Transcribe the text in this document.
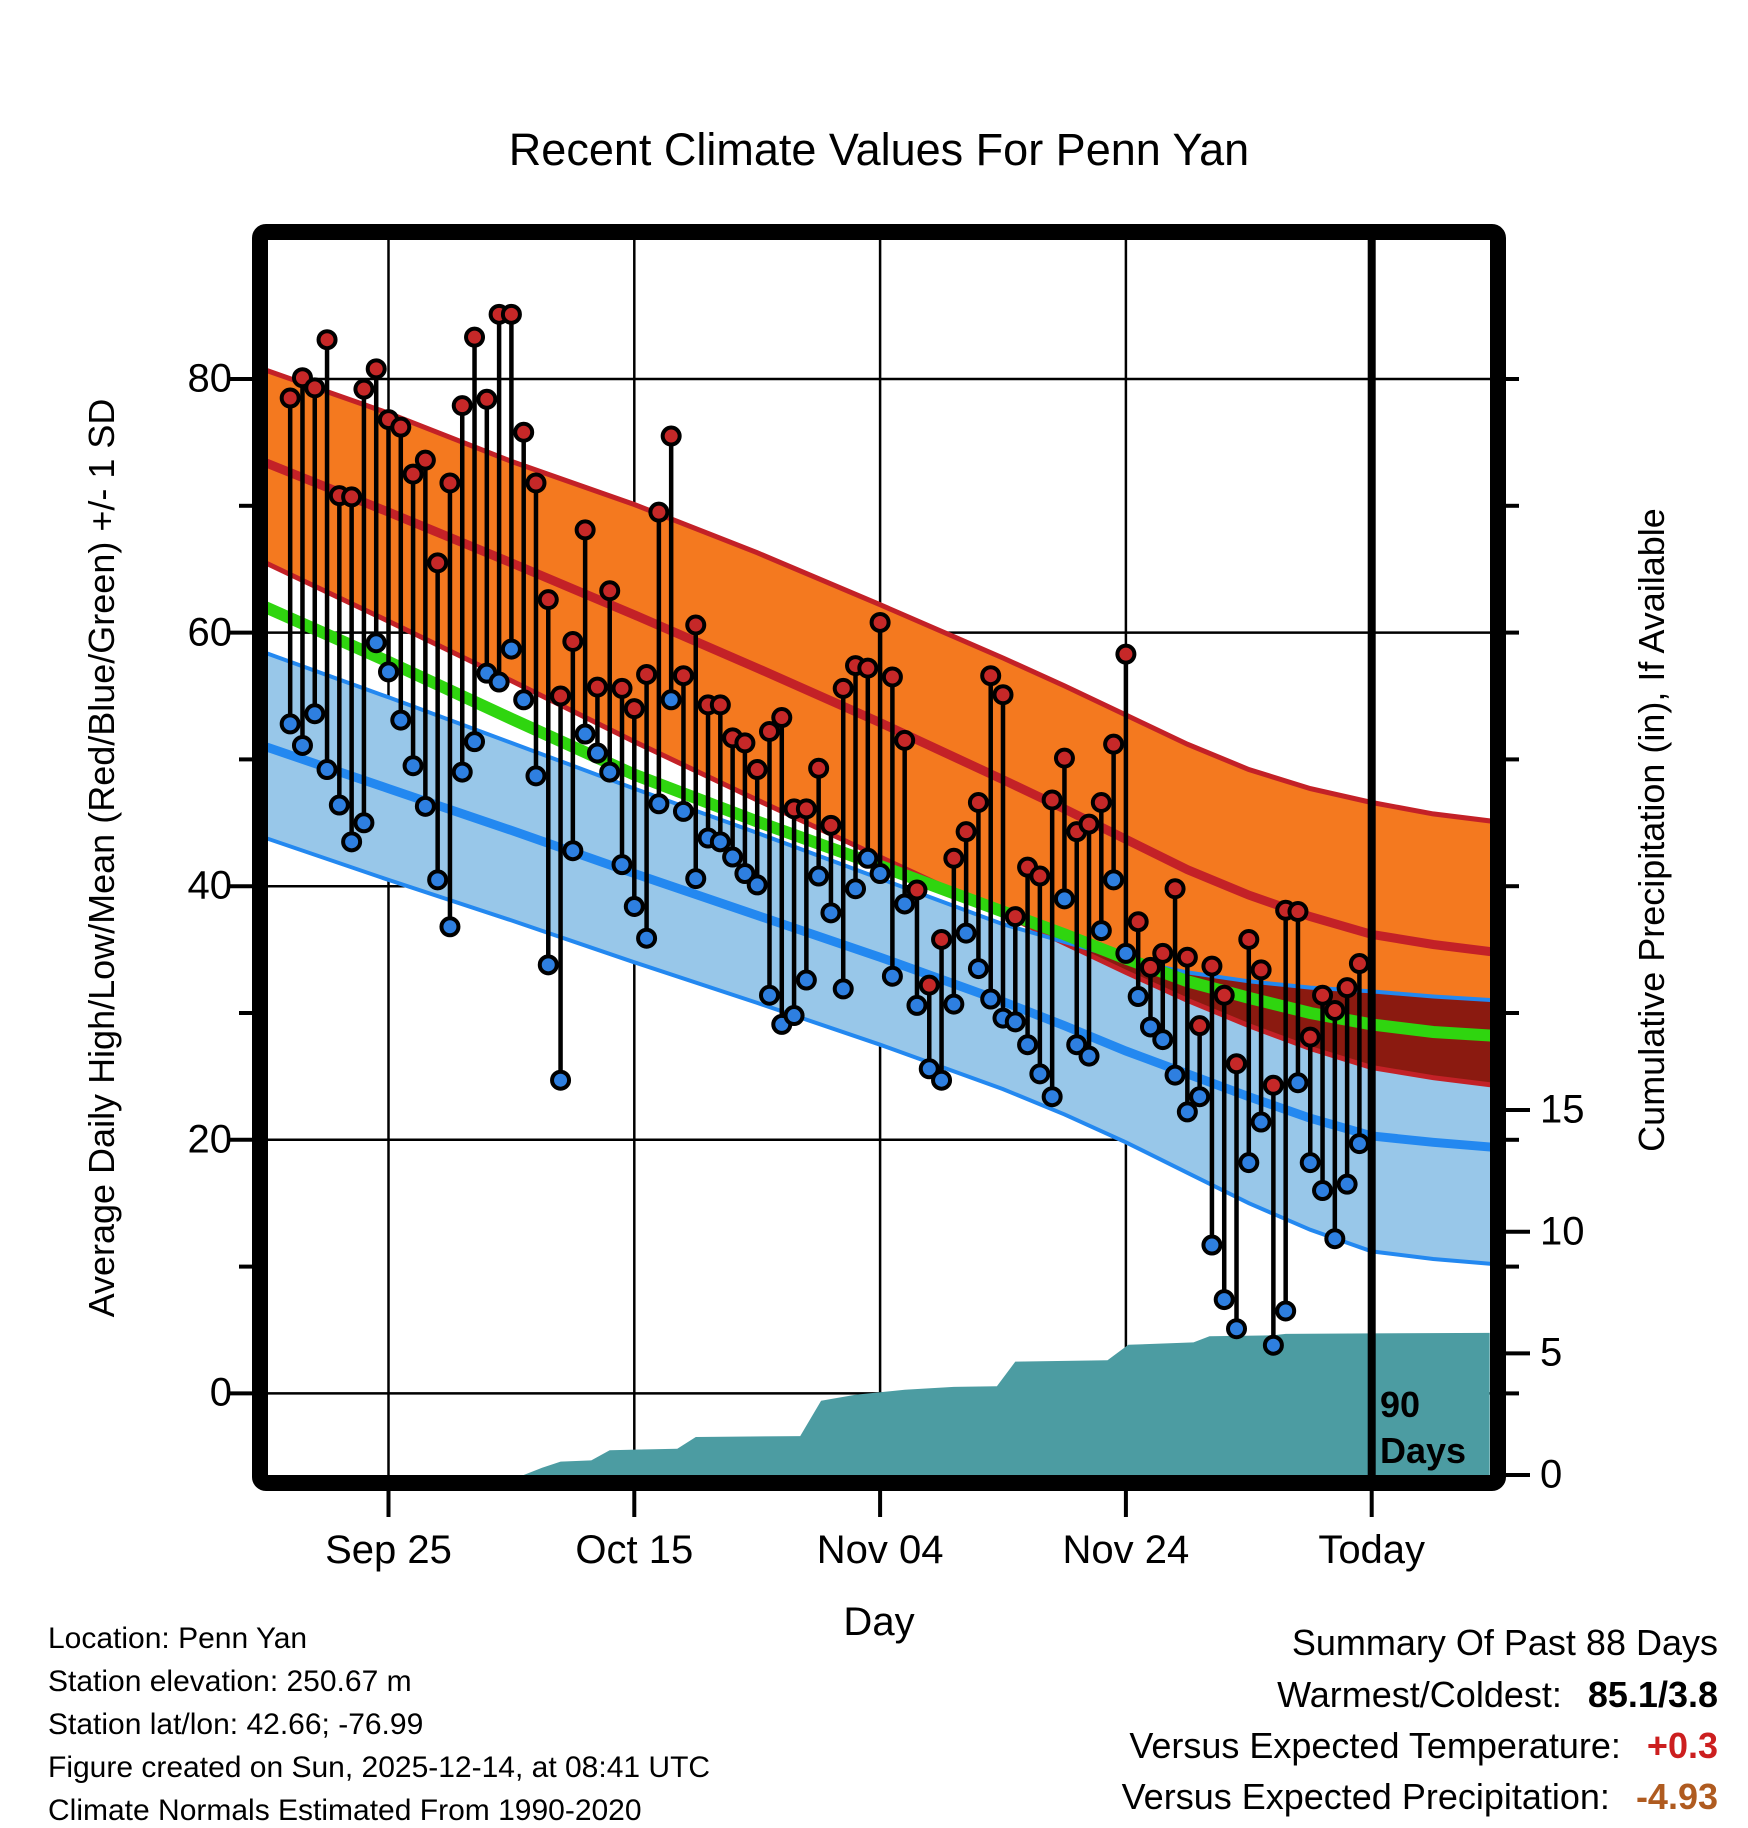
Recent Climate Values For Penn Yan
Average Daily High/Low/Mean (Red/Blue/Green) +/- 1 SD	Cumulative Precipitation (in), If Available
80
60
40
20
0
15
10
5
0
Sep 25	Oct 15	Nov 04	Nov 24	Today
Day
90
Days
Location: Penn Yan
Station elevation: 250.67 m
Station lat/lon: 42.66; -76.99
Figure created on Sun, 2025-12-14, at 08:41 UTC
Climate Normals Estimated From 1990-2020
Summary Of Past 88 Days
Warmest/Coldest: 85.1/3.8
Versus Expected Temperature: +0.3
Versus Expected Precipitation: -4.93
